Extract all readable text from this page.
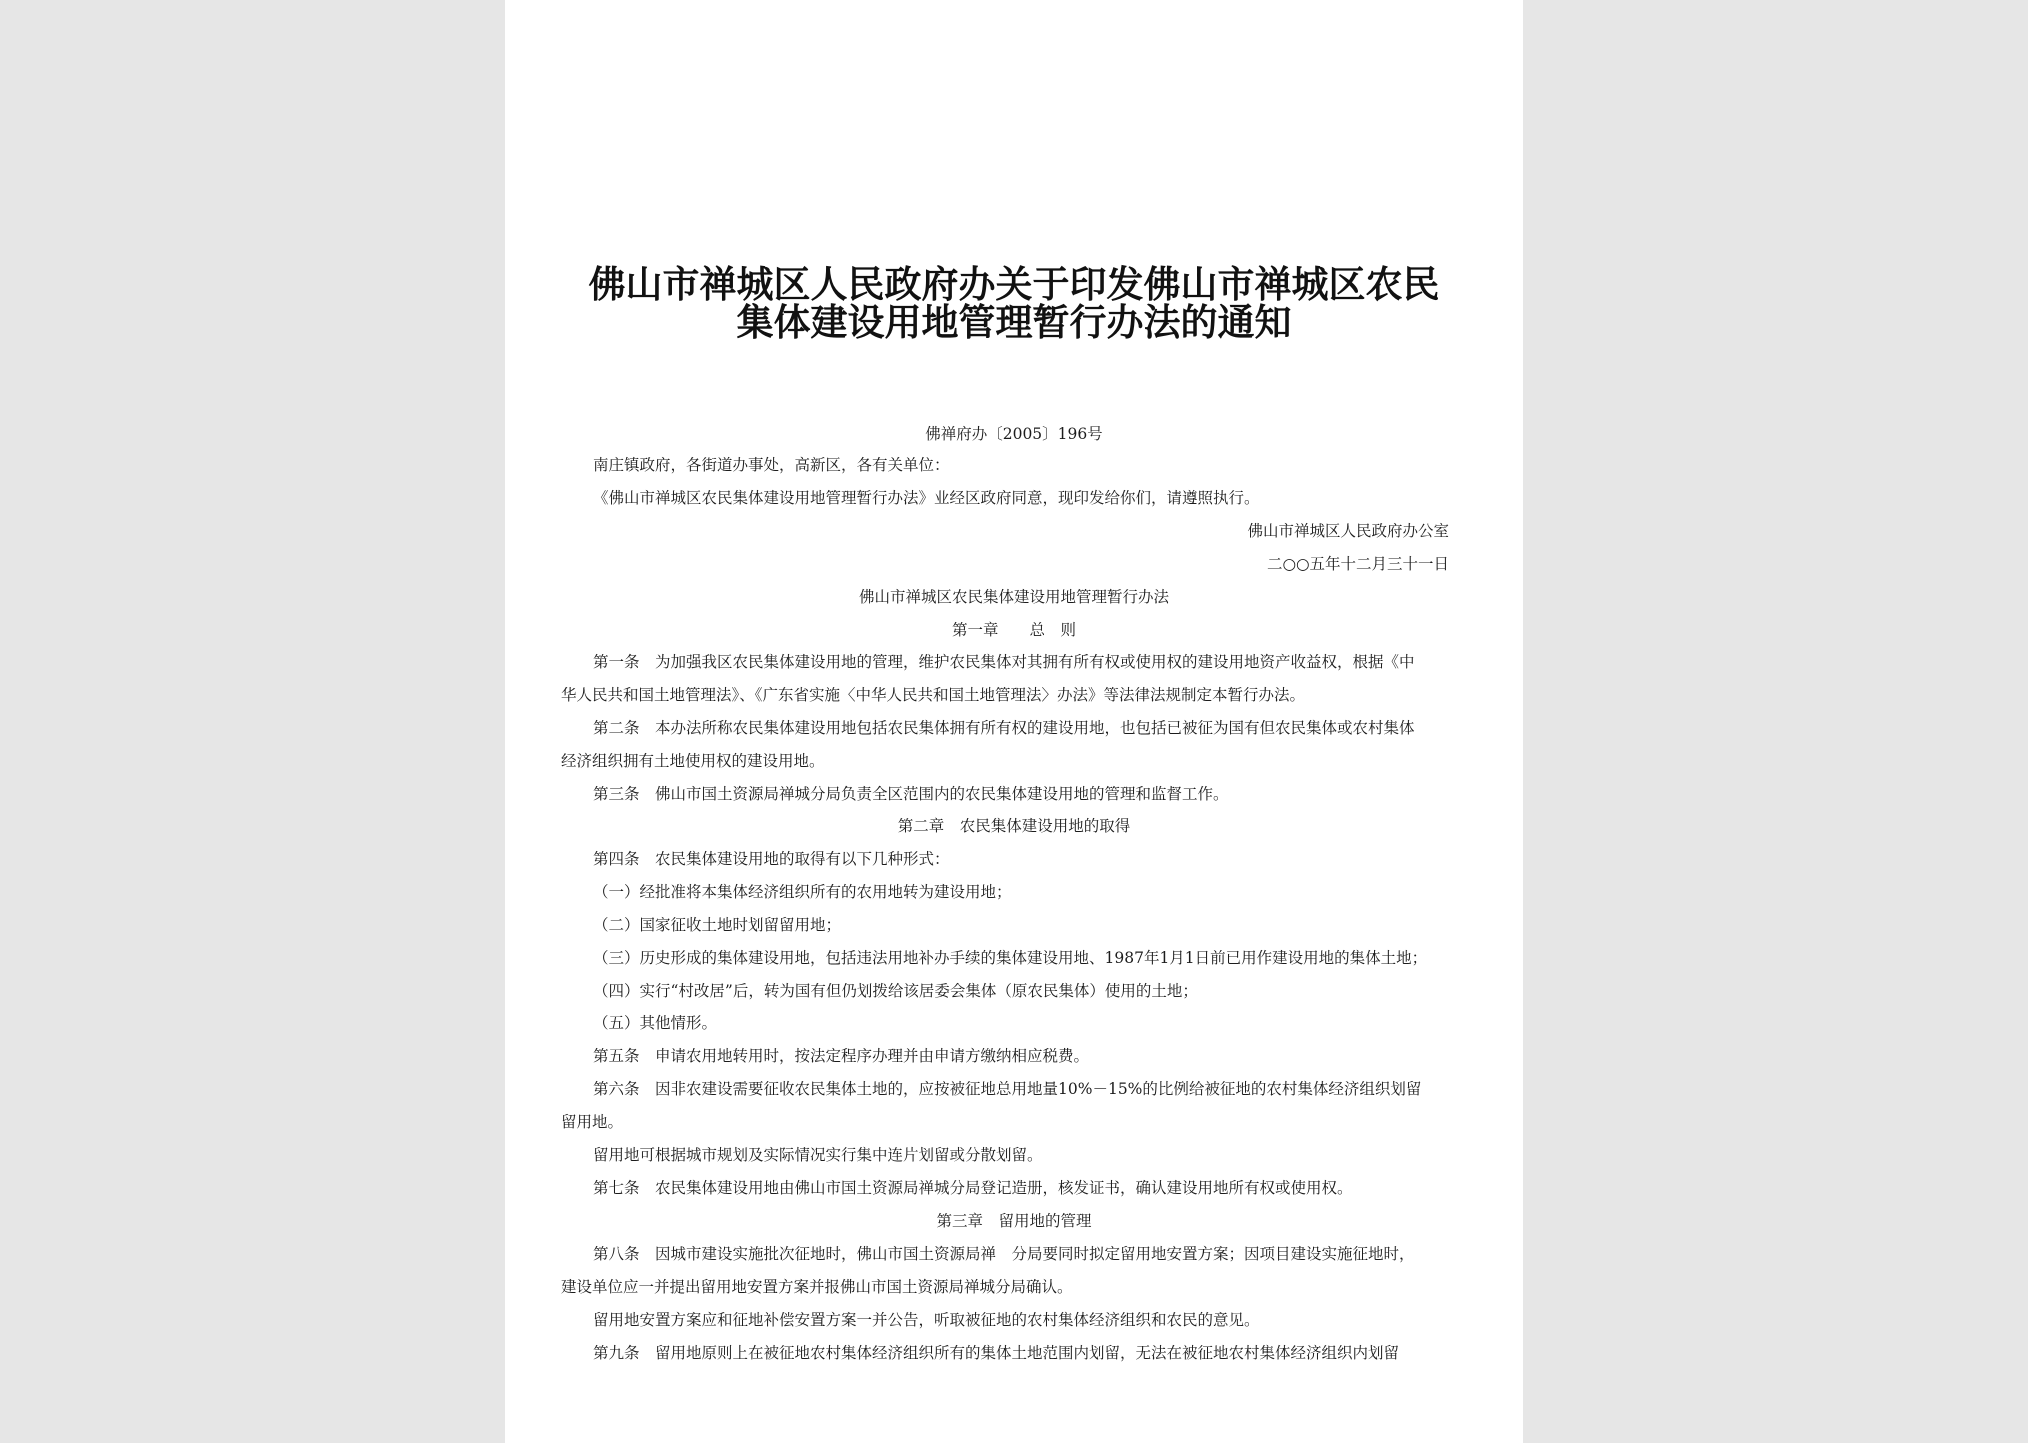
佛山市禅城区人民政府办关于印发佛山市禅城区农民
集体建设用地管理暂行办法的通知

佛禅府办〔2005〕196号

南庄镇政府，各街道办事处，高新区，各有关单位：

《佛山市禅城区农民集体建设用地管理暂行办法》业经区政府同意，现印发给你们，请遵照执行。

佛山市禅城区人民政府办公室

二○○五年十二月三十一日

佛山市禅城区农民集体建设用地管理暂行办法

第一章　　总　则

第一条　为加强我区农民集体建设用地的管理，维护农民集体对其拥有所有权或使用权的建设用地资产收益权，根据《中

华人民共和国土地管理法》、《广东省实施〈中华人民共和国土地管理法〉办法》等法律法规制定本暂行办法。

第二条　本办法所称农民集体建设用地包括农民集体拥有所有权的建设用地，也包括已被征为国有但农民集体或农村集体

经济组织拥有土地使用权的建设用地。

第三条　佛山市国土资源局禅城分局负责全区范围内的农民集体建设用地的管理和监督工作。

第二章　农民集体建设用地的取得

第四条　农民集体建设用地的取得有以下几种形式：

（一）经批准将本集体经济组织所有的农用地转为建设用地；

（二）国家征收土地时划留留用地；

（三）历史形成的集体建设用地，包括违法用地补办手续的集体建设用地、1987年1月1日前已用作建设用地的集体土地；

（四）实行“村改居”后，转为国有但仍划拨给该居委会集体（原农民集体）使用的土地；

（五）其他情形。

第五条　申请农用地转用时，按法定程序办理并由申请方缴纳相应税费。

第六条　因非农建设需要征收农民集体土地的，应按被征地总用地量10%－15%的比例给被征地的农村集体经济组织划留

留用地。

留用地可根据城市规划及实际情况实行集中连片划留或分散划留。

第七条　农民集体建设用地由佛山市国土资源局禅城分局登记造册，核发证书，确认建设用地所有权或使用权。

第三章　留用地的管理

第八条　因城市建设实施批次征地时，佛山市国土资源局禅　分局要同时拟定留用地安置方案；因项目建设实施征地时，

建设单位应一并提出留用地安置方案并报佛山市国土资源局禅城分局确认。

留用地安置方案应和征地补偿安置方案一并公告，听取被征地的农村集体经济组织和农民的意见。

第九条　留用地原则上在被征地农村集体经济组织所有的集体土地范围内划留，无法在被征地农村集体经济组织内划留
